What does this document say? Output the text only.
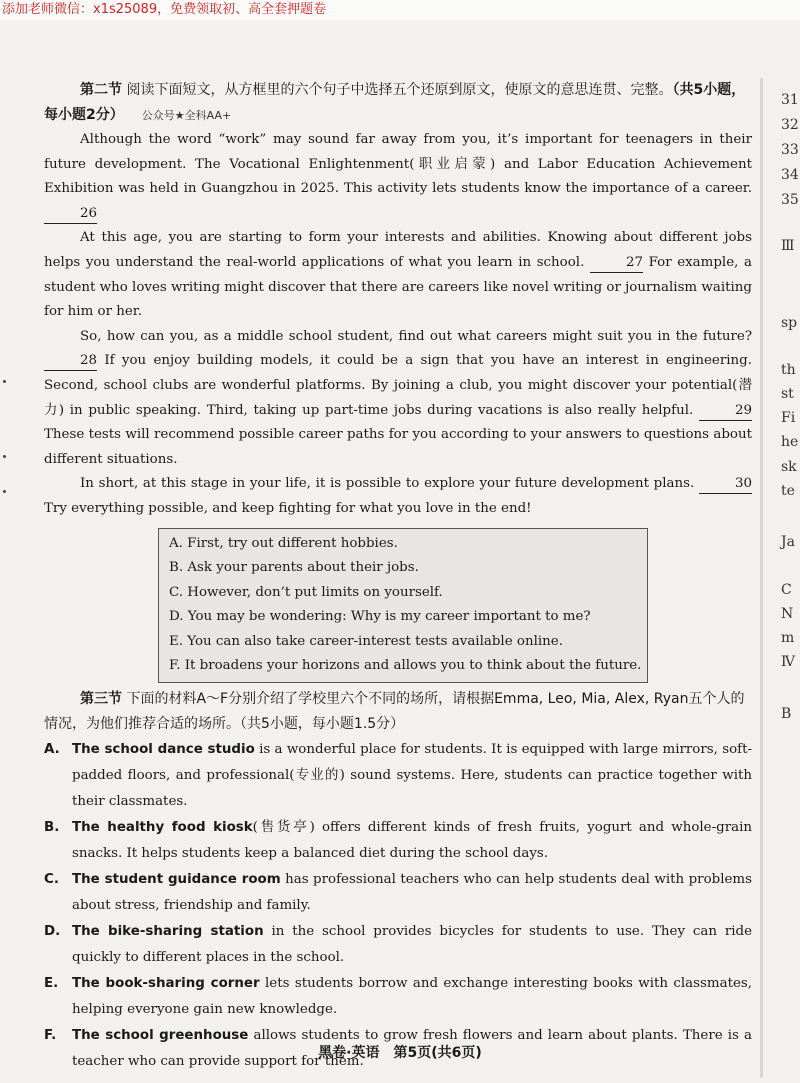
添加老师微信：x1s25089，免费领取初、高全套押题卷

第二节 阅读下面短文，从方框里的六个句子中选择五个还原到原文，使原文的意思连贯、完整。（共5小题，每小题2分） 公众号★全科AA+

Although the word “work” may sound far away from you, it’s important for teenagers in their future development. The Vocational Enlightenment(职业启蒙) and Labor Education Achievement Exhibition was held in Guangzhou in 2025. This activity lets students know the importance of a career. 26

At this age, you are starting to form your interests and abilities. Knowing about different jobs helps you understand the real-world applications of what you learn in school.	27 For example, a student who loves writing might discover that there are careers like novel writing or journalism waiting for him or her.

So, how can you, as a middle school student, find out what careers might suit you in the future? 28 If you enjoy building models, it could be a sign that you have an interest in engineering. Second, school clubs are wonderful platforms. By joining a club, you might discover your potential(潜力) in public speaking. Third, taking up part-time jobs during vacations is also really helpful.	29 These tests will recommend possible career paths for you according to your answers to questions about different situations.

In short, at this stage in your life, it is possible to explore your future development plans.	30 Try everything possible, and keep fighting for what you love in the end!

A. First, try out different hobbies.
B. Ask your parents about their jobs.
C. However, don’t put limits on yourself.
D. You may be wondering: Why is my career important to me?
E. You can also take career-interest tests available online.
F. It broadens your horizons and allows you to think about the future.

第三节 下面的材料A～F分别介绍了学校里六个不同的场所，请根据Emma, Leo, Mia, Alex, Ryan五个人的情况，为他们推荐合适的场所。（共5小题，每小题1.5分）

A. The school dance studio is a wonderful place for students. It is equipped with large mirrors, soft-padded floors, and professional(专业的) sound systems. Here, students can practice together with their classmates.

B. The healthy food kiosk(售货亭) offers different kinds of fresh fruits, yogurt and whole-grain snacks. It helps students keep a balanced diet during the school days.

C. The student guidance room has professional teachers who can help students deal with problems about stress, friendship and family.

D. The bike-sharing station in the school provides bicycles for students to use. They can ride quickly to different places in the school.

E. The book-sharing corner lets students borrow and exchange interesting books with classmates, helping everyone gain new knowledge.

F. The school greenhouse allows students to grow fresh flowers and learn about plants. There is a teacher who can provide support for them.

31
32
33
34
35
Ⅲ
sp
th
st
Fi
he
sk
te
Ja
C
N
m
Ⅳ
B
黑卷·英语　第5页(共6页)
